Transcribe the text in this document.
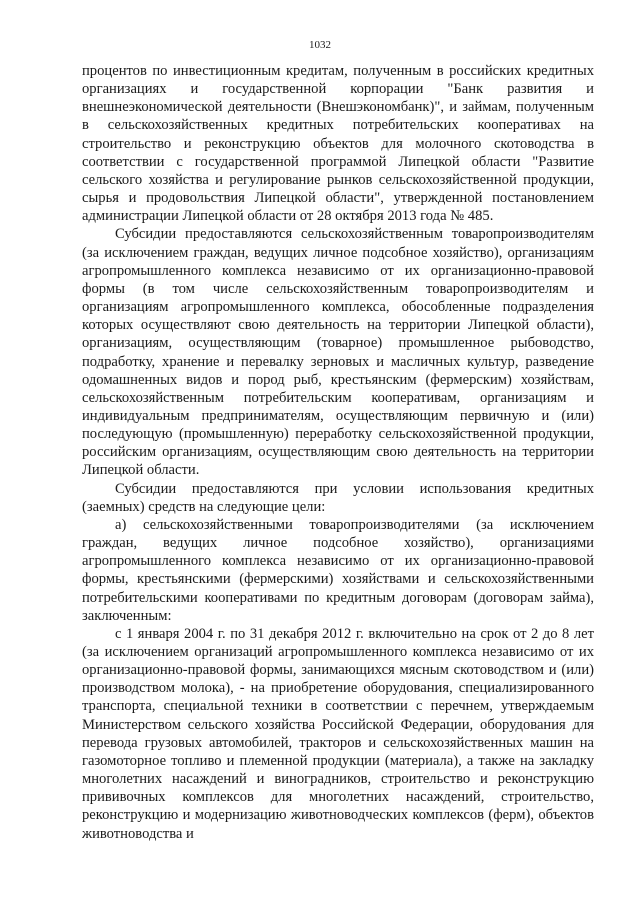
1032

процентов по инвестиционным кредитам, полученным в российских кредитных организациях и государственной корпорации "Банк развития и внешнеэкономической деятельности (Внешэкономбанк)", и займам, полученным в сельскохозяйственных кредитных потребительских кооперативах на строительство и реконструкцию объектов для молочного скотоводства в соответствии с государственной программой Липецкой области "Развитие сельского хозяйства и регулирование рынков сельскохозяйственной продукции, сырья и продовольствия Липецкой области", утвержденной постановлением администрации Липецкой области от 28 октября 2013 года № 485.

Субсидии предоставляются сельскохозяйственным товаропроизводителям (за исключением граждан, ведущих личное подсобное хозяйство), организациям агропромышленного комплекса независимо от их организационно-правовой формы (в том числе сельскохозяйственным товаропроизводителям и организациям агропромышленного комплекса, обособленные подразделения которых осуществляют свою деятельность на территории Липецкой области), организациям, осуществляющим (товарное) промышленное рыбоводство, подработку, хранение и перевалку зерновых и масличных культур, разведение одомашненных видов и пород рыб, крестьянским (фермерским) хозяйствам, сельскохозяйственным потребительским кооперативам, организациям и индивидуальным предпринимателям, осуществляющим первичную и (или) последующую (промышленную) переработку сельскохозяйственной продукции, российским организациям, осуществляющим свою деятельность на территории Липецкой области.

Субсидии предоставляются при условии использования кредитных (заемных) средств на следующие цели:

а) сельскохозяйственными товаропроизводителями (за исключением граждан, ведущих личное подсобное хозяйство), организациями агропромышленного комплекса независимо от их организационно-правовой формы, крестьянскими (фермерскими) хозяйствами и сельскохозяйственными потребительскими кооперативами по кредитным договорам (договорам займа), заключенным:

с 1 января 2004 г. по 31 декабря 2012 г. включительно на срок от 2 до 8 лет (за исключением организаций агропромышленного комплекса независимо от их организационно-правовой формы, занимающихся мясным скотоводством и (или) производством молока), - на приобретение оборудования, специализированного транспорта, специальной техники в соответствии с перечнем, утверждаемым Министерством сельского хозяйства Российской Федерации, оборудования для перевода грузовых автомобилей, тракторов и сельскохозяйственных машин на газомоторное топливо и племенной продукции (материала), а также на закладку многолетних насаждений и виноградников, строительство и реконструкцию прививочных комплексов для многолетних насаждений, строительство, реконструкцию и модернизацию животноводческих комплексов (ферм), объектов животноводства и
